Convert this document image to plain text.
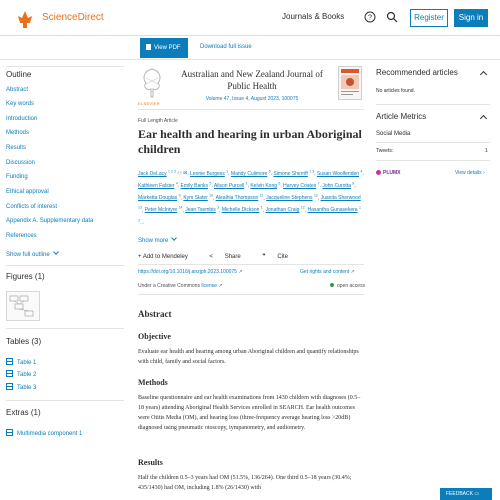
ScienceDirect	Journals & Books	?	Register	Sign in
View PDF	Download full issue
Outline
Abstract
Key words
Introduction
Methods
Results
Discussion
Funding
Ethical approval
Conflicts of interest
Appendix A. Supplementary data
References
Show full outline
Figures (1)
Tables (3)
Table 1
Table 2
Table 3
Extras (1)
Multimedia component 1
ELSEVIER
Australian and New Zealand Journal of Public Health
Volume 47, Issue 4, August 2023, 100075
Full Length Article
Ear health and hearing in urban Aboriginal children
Jack DeLacy $^{1 2 3}$ ⚇ ✉, Leonie Burgess $^1$, Mandy Culimore $^5$, Simone Sherriff $^{1 3}$, Susan Woolfenden $^4$, Kathleen Falster $^4$, Emily Banks $^5$, Alison Purcell $^1$, Kelvin Kong $^6$, Harvey Coates $^7$, John Curotta $^8$, Marketta Douglas $^9$, Kym Slater $^{10}$, Alealhia Thompson $^{11}$, Jacqueline Stephens $^{12}$, Juanita Sherwood $^{13}$, Peter McIntyre $^{14}$, Jean Tsembis $^3$, Michelle Dickson $^1$, Jonathan Craig $^{12}$, Hasantha Gunasekera $^{1 2}$...
Show more
+ Add to Mendeley	< Share	❞ Cite
https://doi.org/10.1016/j.anzjph.2023.100075 ↗	Get rights and content ↗
Under a Creative Commons license ↗	open access
Abstract
Objective

Evaluate ear health and hearing among urban Aboriginal children and quantify relationships with child, family and social factors.

Methods

Baseline questionnaire and ear health examinations from 1430 children with diagnoses (0.5–18 years) attending Aboriginal Health Services enrolled in SEARCH. Ear health outcomes were Otitis Media (OM), and hearing loss (three-frequency average hearing loss >20dB) diagnosed using pneumatic otoscopy, tympanometry, and audiometry.

Results

Half the children 0.5–3 years had OM (51.5%, 136/264). One third 0.5–18 years (30.4%; 435/1430) had OM, including 1.8% (26/1430) with

Recommended articles
No articles found.
Article Metrics
Social Media
Tweets:	1
PLUMX	View details ›
FEEDBACK ▭
